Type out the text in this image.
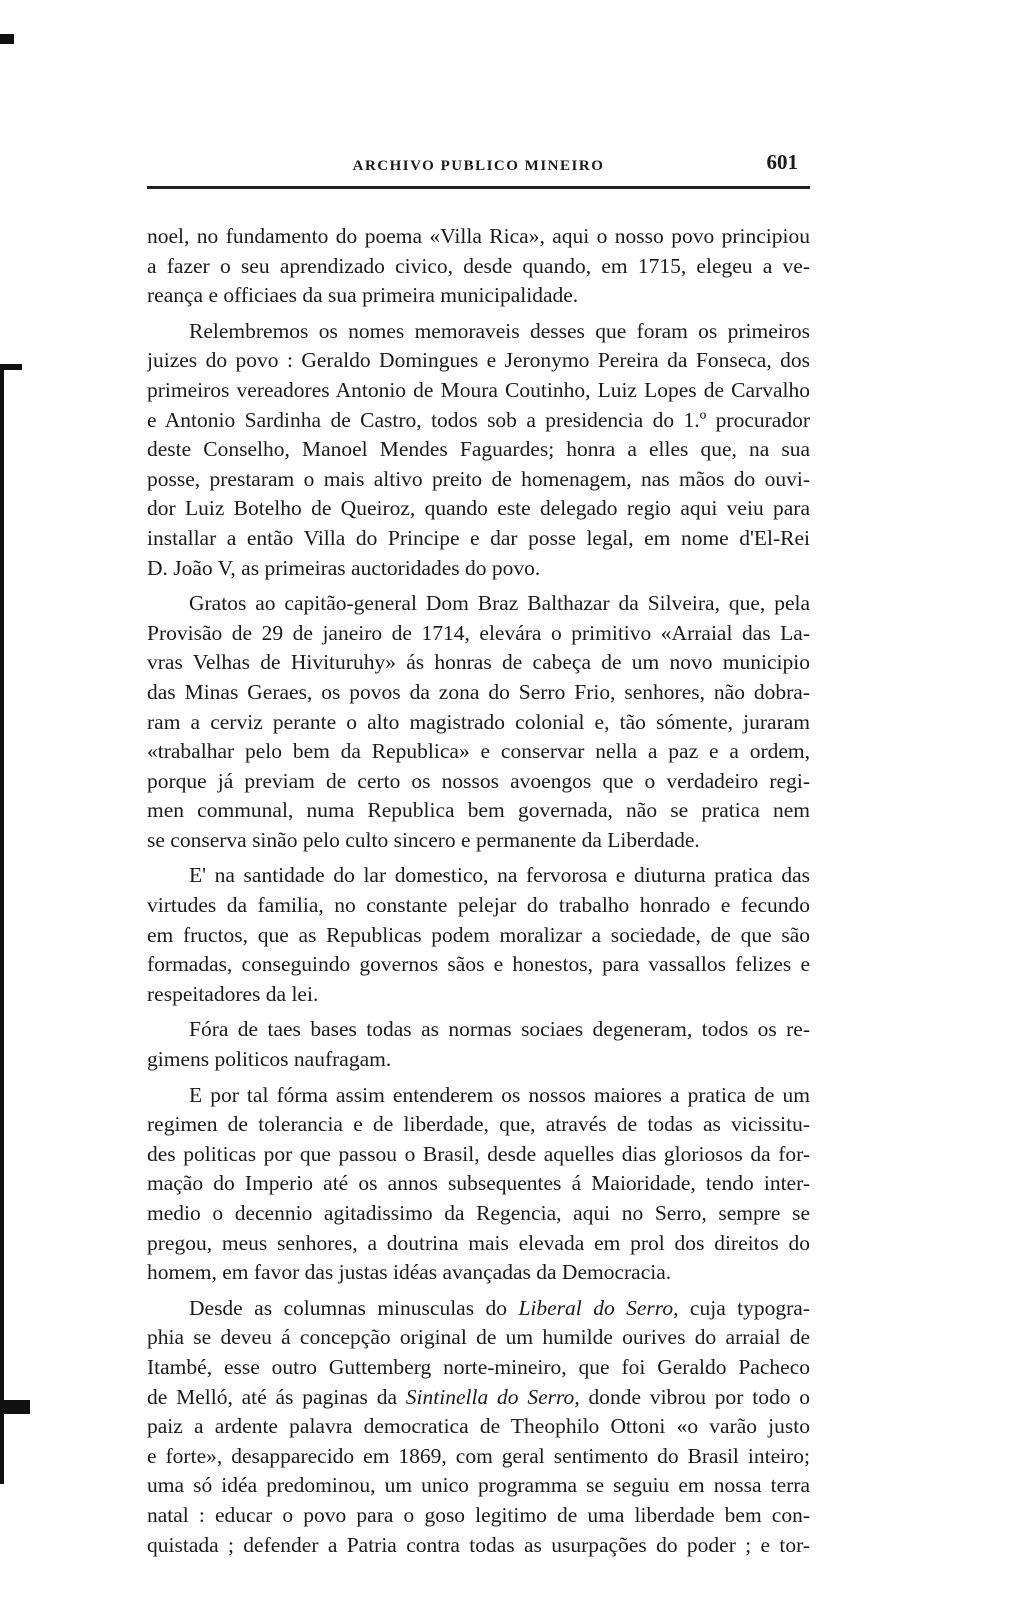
ARCHIVO PUBLICO MINEIRO	601
noel, no fundamento do poema «Villa Rica», aqui o nosso povo principiou
a fazer o seu aprendizado civico, desde quando, em 1715, elegeu a ve-
reança e officiaes da sua primeira municipalidade.
Relembremos os nomes memoraveis desses que foram os primeiros
juizes do povo : Geraldo Domingues e Jeronymo Pereira da Fonseca, dos
primeiros vereadores Antonio de Moura Coutinho, Luiz Lopes de Carvalho
e Antonio Sardinha de Castro, todos sob a presidencia do 1.º procurador
deste Conselho, Manoel Mendes Faguardes; honra a elles que, na sua
posse, prestaram o mais altivo preito de homenagem, nas mãos do ouvi-
dor Luiz Botelho de Queiroz, quando este delegado regio aqui veiu para
installar a então Villa do Principe e dar posse legal, em nome d'El-Rei
D. João V, as primeiras auctoridades do povo.
Gratos ao capitão-general Dom Braz Balthazar da Silveira, que, pela
Provisão de 29 de janeiro de 1714, elevára o primitivo «Arraial das La-
vras Velhas de Hivituruhy» ás honras de cabeça de um novo municipio
das Minas Geraes, os povos da zona do Serro Frio, senhores, não dobra-
ram a cerviz perante o alto magistrado colonial e, tão sómente, juraram
«trabalhar pelo bem da Republica» e conservar nella a paz e a ordem,
porque já previam de certo os nossos avoengos que o verdadeiro regi-
men communal, numa Republica bem governada, não se pratica nem
se conserva sinão pelo culto sincero e permanente da Liberdade.
E' na santidade do lar domestico, na fervorosa e diuturna pratica das
virtudes da familia, no constante pelejar do trabalho honrado e fecundo
em fructos, que as Republicas podem moralizar a sociedade, de que são
formadas, conseguindo governos sãos e honestos, para vassallos felizes e
respeitadores da lei.
Fóra de taes bases todas as normas sociaes degeneram, todos os re-
gimens politicos naufragam.
E por tal fórma assim entenderem os nossos maiores a pratica de um
regimen de tolerancia e de liberdade, que, através de todas as vicissitu-
des politicas por que passou o Brasil, desde aquelles dias gloriosos da for-
mação do Imperio até os annos subsequentes á Maioridade, tendo inter-
medio o decennio agitadissimo da Regencia, aqui no Serro, sempre se
pregou, meus senhores, a doutrina mais elevada em prol dos direitos do
homem, em favor das justas idéas avançadas da Democracia.
Desde as columnas minusculas do Liberal do Serro, cuja typogra-
phia se deveu á concepção original de um humilde ourives do arraial de
Itambé, esse outro Guttemberg norte-mineiro, que foi Geraldo Pacheco
de Melló, até ás paginas da Sintinella do Serro, donde vibrou por todo o
paiz a ardente palavra democratica de Theophilo Ottoni «o varão justo
e forte», desapparecido em 1869, com geral sentimento do Brasil inteiro;
uma só idéa predominou, um unico programma se seguiu em nossa terra
natal : educar o povo para o goso legitimo de uma liberdade bem con-
quistada ; defender a Patria contra todas as usurpações do poder ; e tor-
